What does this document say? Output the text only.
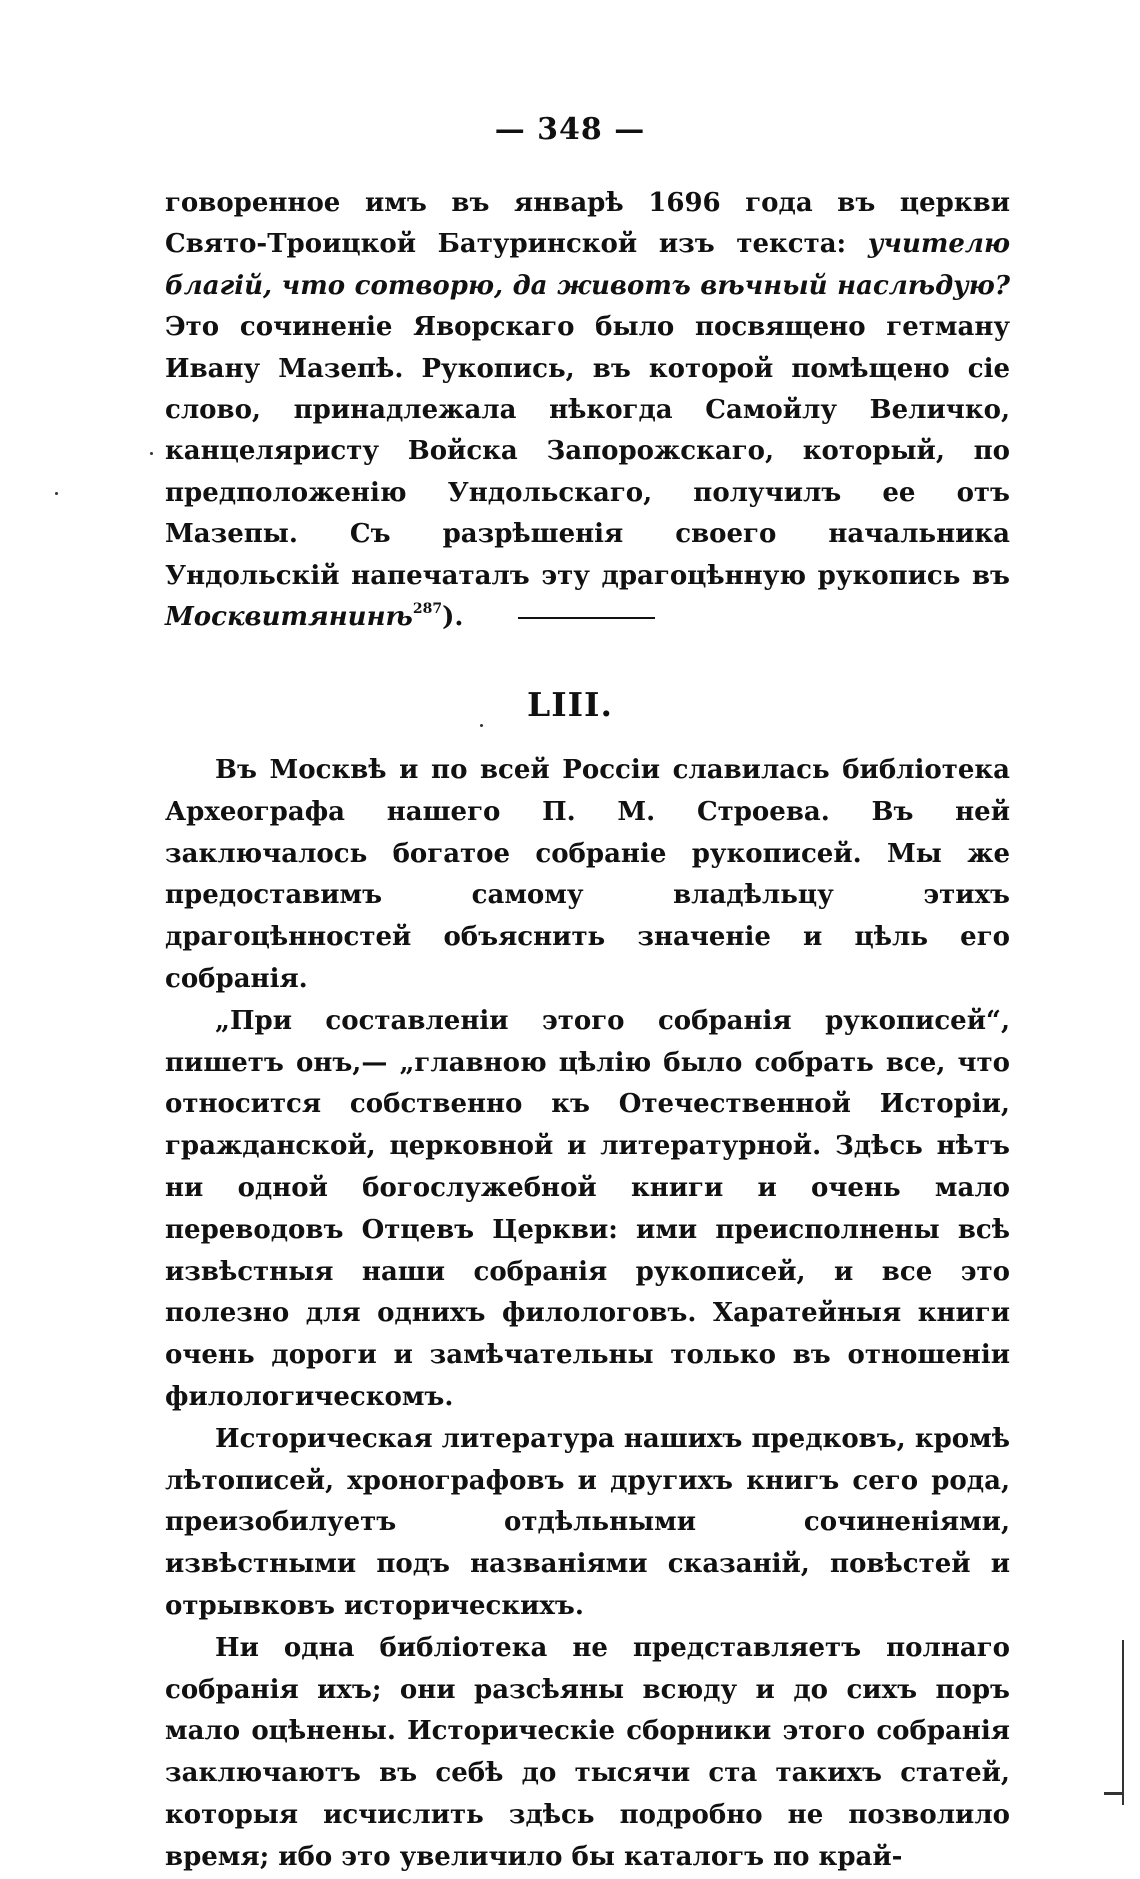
— 348 —

говоренное имъ въ январѣ 1696 года въ церкви Свято-Троицкой Батуринской изъ текста: учителю благій, что сотворю, да животъ вѣчный наслѣдую? Это сочиненіе Яворскаго было посвящено гетману Ивану Мазепѣ. Рукопись, въ которой помѣщено сіе слово, принадлежала нѣкогда Самойлу Величко, канцеляристу Войска Запорожскаго, который, по предположенію Ундольскаго, получилъ ее отъ Мазепы. Съ разрѣшенія своего начальника Ундольскій напечаталъ эту драгоцѣнную рукопись въ Москвитянинѣ$^{287}$).

LIII.

Въ Москвѣ и по всей Россіи славилась библіотека Археографа нашего П. М. Строева. Въ ней заключалось богатое собраніе рукописей. Мы же предоставимъ самому владѣльцу этихъ драгоцѣнностей объяснить значеніе и цѣль его собранія.

„При составленіи этого собранія рукописей“, пишетъ онъ,— „главною цѣлію было собрать все, что относится собственно къ Отечественной Исторіи, гражданской, церковной и литературной. Здѣсь нѣтъ ни одной богослужебной книги и очень мало переводовъ Отцевъ Церкви: ими преисполнены всѣ извѣстныя наши собранія рукописей, и все это полезно для однихъ филологовъ. Харатейныя книги очень дороги и замѣчательны только въ отношеніи филологическомъ.

Историческая литература нашихъ предковъ, кромѣ лѣтописей, хронографовъ и другихъ книгъ сего рода, преизобилуетъ отдѣльными сочиненіями, извѣстными подъ названіями сказаній, повѣстей и отрывковъ историческихъ.

Ни одна библіотека не представляетъ полнаго собранія ихъ; они разсѣяны всюду и до сихъ поръ мало оцѣнены. Историческіе сборники этого собранія заключаютъ въ себѣ до тысячи ста такихъ статей, которыя исчислить здѣсь подробно не позволило время; ибо это увеличило бы каталогъ по край-
